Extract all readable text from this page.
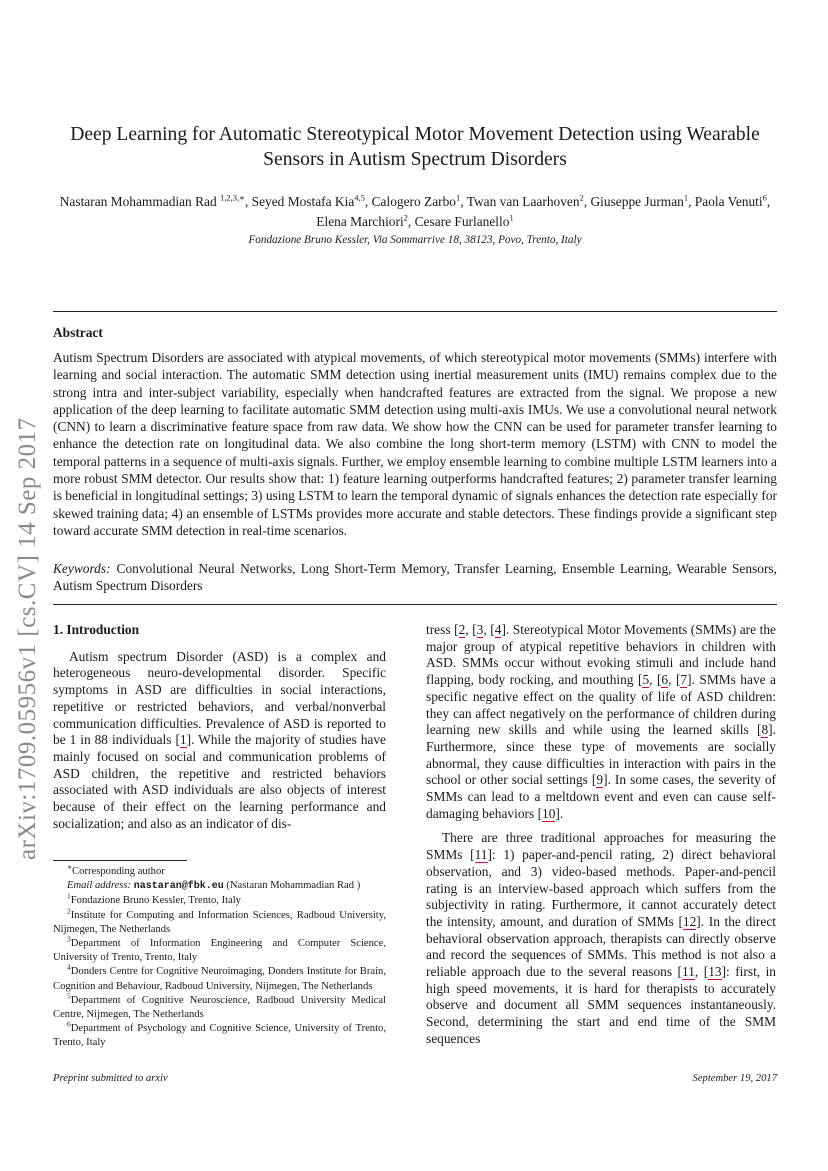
arXiv:1709.05956v1 [cs.CV] 14 Sep 2017
Deep Learning for Automatic Stereotypical Motor Movement Detection using Wearable Sensors in Autism Spectrum Disorders

Nastaran Mohammadian Rad $^{1,2,3,∗}$, Seyed Mostafa Kia$^{4,5}$, Calogero Zarbo$^1$, Twan van Laarhoven$^2$, Giuseppe Jurman$^1$, Paola Venuti$^6$, Elena Marchiori$^2$, Cesare Furlanello$^1$

Fondazione Bruno Kessler, Via Sommarrive 18, 38123, Povo, Trento, Italy

Abstract

Autism Spectrum Disorders are associated with atypical movements, of which stereotypical motor movements (SMMs) interfere with learning and social interaction. The automatic SMM detection using inertial measurement units (IMU) remains complex due to the strong intra and inter-subject variability, especially when handcrafted features are extracted from the signal. We propose a new application of the deep learning to facilitate automatic SMM detection using multi-axis IMUs. We use a convolutional neural network (CNN) to learn a discriminative feature space from raw data. We show how the CNN can be used for parameter transfer learning to enhance the detection rate on longitudinal data. We also combine the long short-term memory (LSTM) with CNN to model the temporal patterns in a sequence of multi-axis signals. Further, we employ ensemble learning to combine multiple LSTM learners into a more robust SMM detector. Our results show that: 1) feature learning outperforms handcrafted features; 2) parameter transfer learning is beneficial in longitudinal settings; 3) using LSTM to learn the temporal dynamic of signals enhances the detection rate especially for skewed training data; 4) an ensemble of LSTMs provides more accurate and stable detectors. These findings provide a significant step toward accurate SMM detection in real-time scenarios.

Keywords: Convolutional Neural Networks, Long Short-Term Memory, Transfer Learning, Ensemble Learning, Wearable Sensors, Autism Spectrum Disorders

1. Introduction

Autism spectrum Disorder (ASD) is a complex and heterogeneous neuro-developmental disorder. Specific symptoms in ASD are difficulties in social interactions, repetitive or restricted behaviors, and verbal/nonverbal communication difficulties. Prevalence of ASD is reported to be 1 in 88 individuals [1]. While the majority of studies have mainly focused on social and communication problems of ASD children, the repetitive and restricted behaviors associated with ASD individuals are also objects of interest because of their effect on the learning performance and socialization; and also as an indicator of dis-

tress [2, [3, [4]. Stereotypical Motor Movements (SMMs) are the major group of atypical repetitive behaviors in children with ASD. SMMs occur without evoking stimuli and include hand flapping, body rocking, and mouthing [5, [6, [7]. SMMs have a specific negative effect on the quality of life of ASD children: they can affect negatively on the performance of children during learning new skills and while using the learned skills [8]. Furthermore, since these type of movements are socially abnormal, they cause difficulties in interaction with pairs in the school or other social settings [9]. In some cases, the severity of SMMs can lead to a meltdown event and even can cause self-damaging behaviors [10].

There are three traditional approaches for measuring the SMMs [11]: 1) paper-and-pencil rating, 2) direct behavioral observation, and 3) video-based methods. Paper-and-pencil rating is an interview-based approach which suffers from the subjectivity in rating. Furthermore, it cannot accurately detect the intensity, amount, and duration of SMMs [12]. In the direct behavioral observation approach, therapists can directly observe and record the sequences of SMMs. This method is not also a reliable approach due to the several reasons [11, [13]: first, in high speed movements, it is hard for therapists to accurately observe and document all SMM sequences instantaneously. Second, determining the start and end time of the SMM sequences

∗Corresponding author

Email address: nastaran@fbk.eu (Nastaran Mohammadian Rad )

$^1$Fondazione Bruno Kessler, Trento, Italy

$^2$Institute for Computing and Information Sciences, Radboud University, Nijmegen, The Netherlands

$^3$Department of Information Engineering and Computer Science, University of Trento, Trento, Italy

$^4$Donders Centre for Cognitive Neuroimaging, Donders Institute for Brain, Cognition and Behaviour, Radboud University, Nijmegen, The Netherlands

$^5$Department of Cognitive Neuroscience, Radboud University Medical Centre, Nijmegen, The Netherlands

$^6$Department of Psychology and Cognitive Science, University of Trento, Trento, Italy

Preprint submitted to arxiv	September 19, 2017
